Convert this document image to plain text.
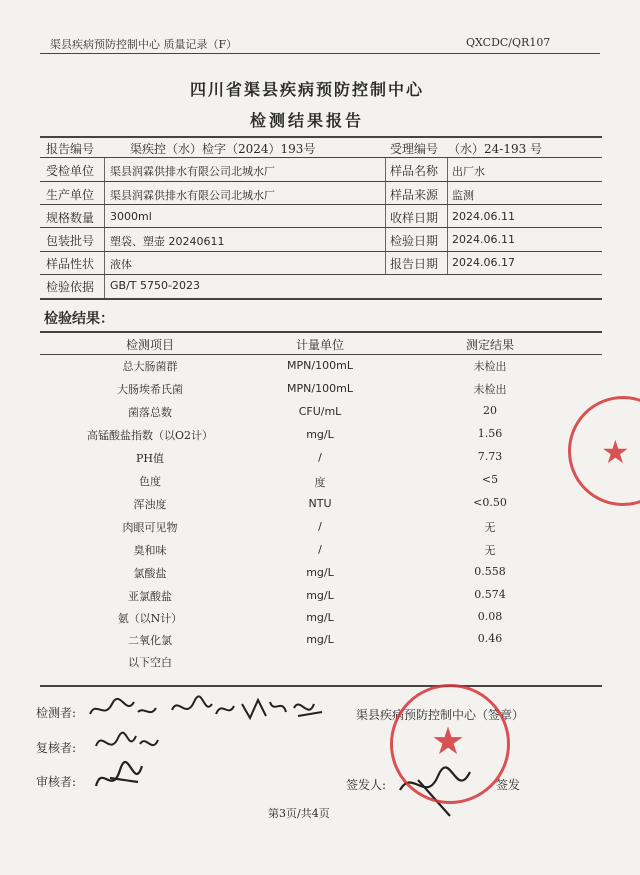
渠县疾病预防控制中心 质量记录（F）	QXCDC/QR107
四川省渠县疾病预防控制中心
检测结果报告
报告编号	渠疾控（水）检字（2024）193号	受理编号 （水）24-193 号
受检单位 渠县润霖供排水有限公司北城水厂	样品名称 出厂水
生产单位 渠县润霖供排水有限公司北城水厂	样品来源 监测
规格数量 3000ml	收样日期 2024.06.11
包装批号 塑袋、塑壶 20240611	检验日期 2024.06.11
样品性状 液体	报告日期 2024.06.17
检验依据 GB/T 5750-2023
检验结果：
检测项目	计量单位	测定结果
总大肠菌群	MPN/100mL	未检出
大肠埃希氏菌	MPN/100mL	未检出
菌落总数	CFU/mL	20
高锰酸盐指数（以O2计）	mg/L	1.56
PH值	/	7.73
色度	度	<5
浑浊度	NTU	<0.50
肉眼可见物	/	无
臭和味	/	无
氯酸盐	mg/L	0.558
亚氯酸盐	mg/L	0.574
氨（以N计）	mg/L	0.08
二氧化氯	mg/L	0.46
以下空白
检测者:	渠县疾病预防控制中心（签章）
复核者:
审核者:	签发人:	签发
第3页/共4页
★
★
